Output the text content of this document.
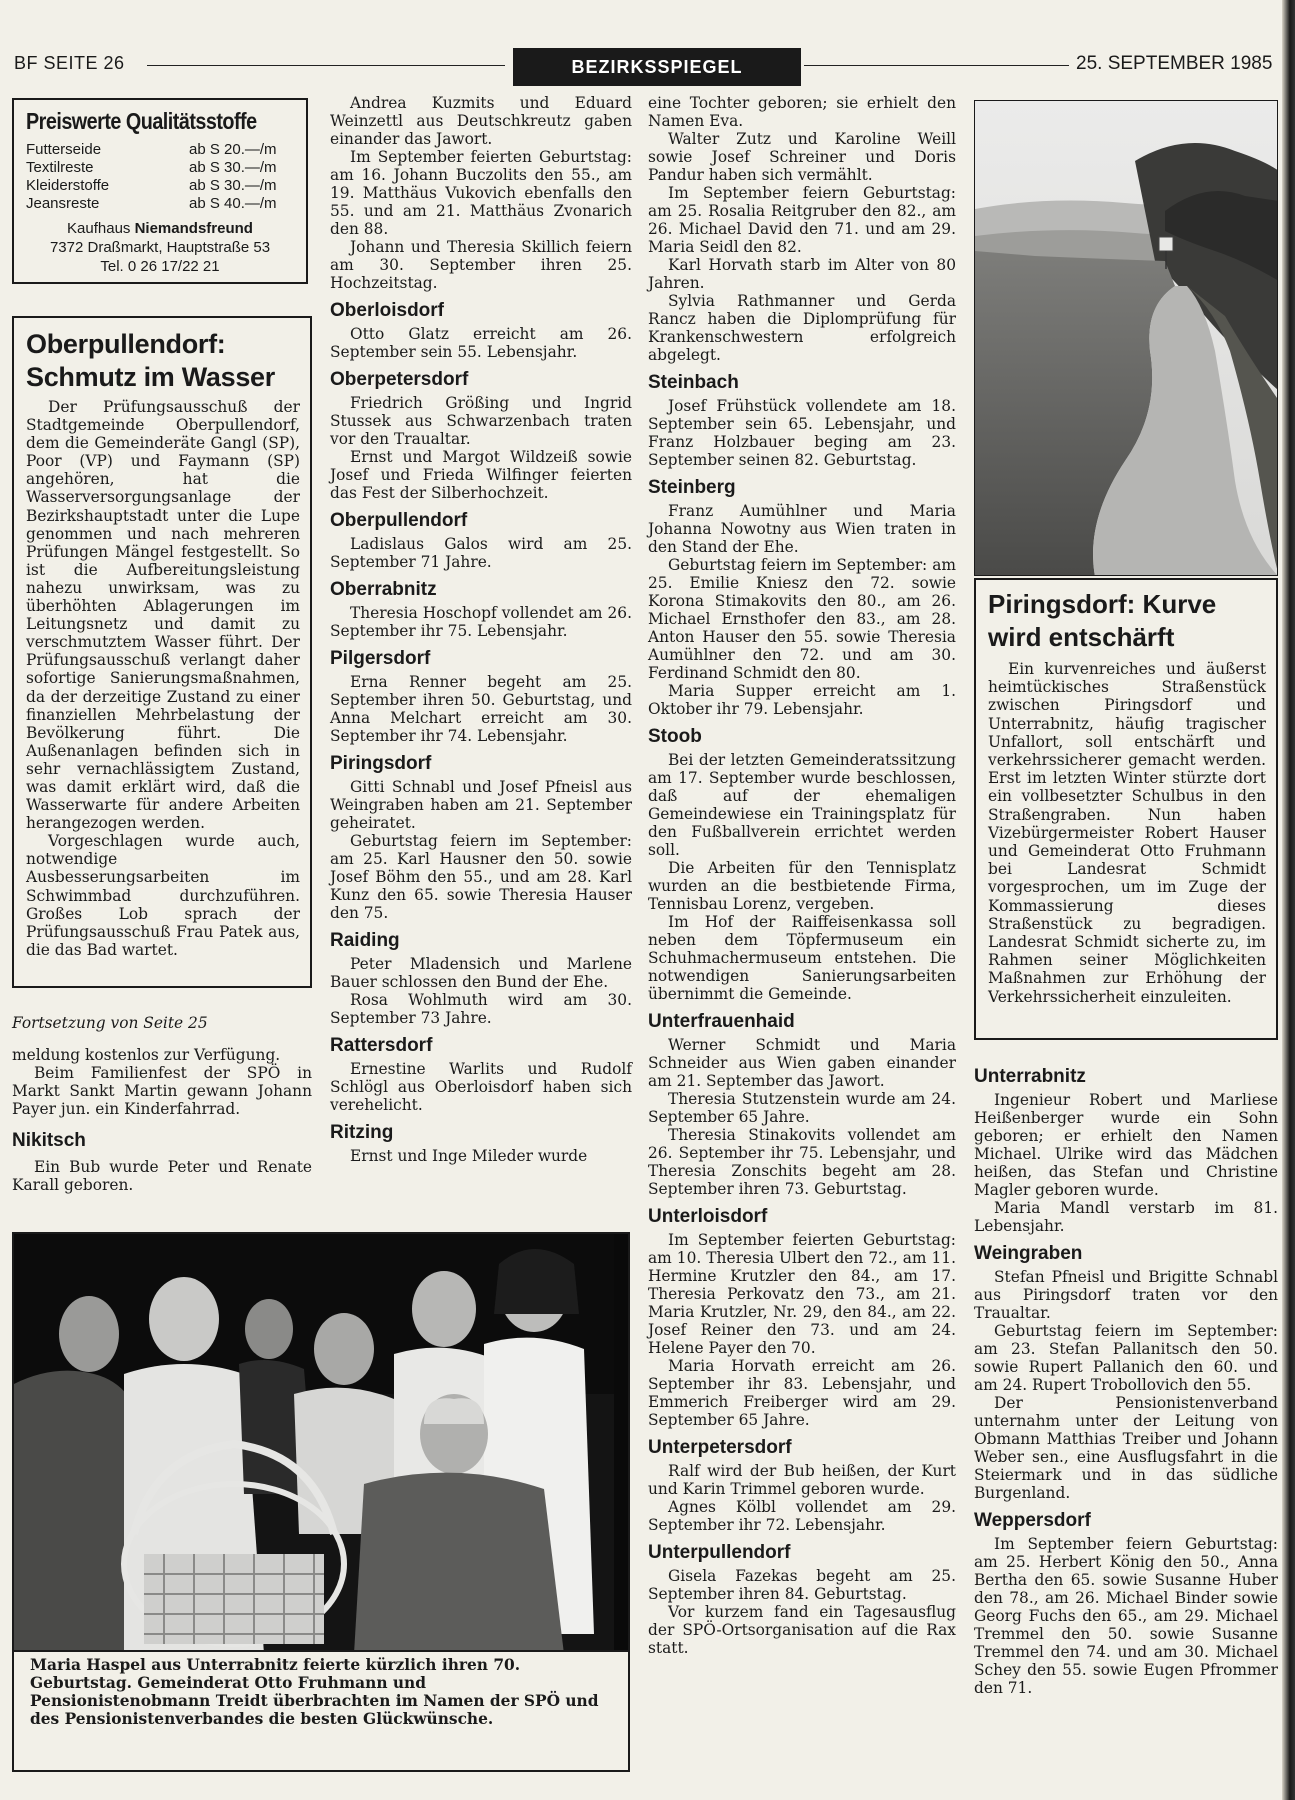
BF SEITE 26	BEZIRKSSPIEGEL	25. SEPTEMBER 1985
Preiswerte Qualitätsstoffe
Futterseide	ab S 20.—/m
Textilreste	ab S 30.—/m
Kleiderstoffe	ab S 30.—/m
Jeansreste	ab S 40.—/m
Kaufhaus Niemandsfreund
7372 Draßmarkt, Hauptstraße 53
Tel. 0 26 17/22 21
Oberpullendorf:
Schmutz im Wasser

Der Prüfungsausschuß der Stadtgemeinde Oberpullendorf, dem die Gemeinderäte Gangl (SP), Poor (VP) und Faymann (SP) angehören, hat die Wasserversorgungsanlage der Bezirkshauptstadt unter die Lupe genommen und nach mehreren Prüfungen Mängel festgestellt. So ist die Aufbereitungsleistung nahezu unwirksam, was zu überhöhten Ablagerungen im Leitungsnetz und damit zu verschmutztem Wasser führt. Der Prüfungsausschuß verlangt daher sofortige Sanierungsmaßnahmen, da der derzeitige Zustand zu einer finanziellen Mehrbelastung der Bevölkerung führt. Die Außenanlagen befinden sich in sehr vernachlässigtem Zustand, was damit erklärt wird, daß die Wasserwarte für andere Arbeiten herangezogen werden.

Vorgeschlagen wurde auch, notwendige Ausbesserungsarbeiten im Schwimmbad durchzuführen. Großes Lob sprach der Prüfungsausschuß Frau Patek aus, die das Bad wartet.

Fortsetzung von Seite 25

meldung kostenlos zur Verfügung.

Beim Familienfest der SPÖ in Markt Sankt Martin gewann Johann Payer jun. ein Kinderfahrrad.

Nikitsch

Ein Bub wurde Peter und Renate Karall geboren.

Andrea Kuzmits und Eduard Weinzettl aus Deutschkreutz gaben einander das Jawort.

Im September feierten Geburtstag: am 16. Johann Buczolits den 55., am 19. Matthäus Vukovich ebenfalls den 55. und am 21. Matthäus Zvonarich den 88.

Johann und Theresia Skillich feiern am 30. September ihren 25. Hochzeitstag.

Oberloisdorf

Otto Glatz erreicht am 26. September sein 55. Lebensjahr.

Oberpetersdorf

Friedrich Größing und Ingrid Stussek aus Schwarzenbach traten vor den Traualtar.

Ernst und Margot Wildzeiß sowie Josef und Frieda Wilfinger feierten das Fest der Silberhochzeit.

Oberpullendorf

Ladislaus Galos wird am 25. September 71 Jahre.

Oberrabnitz

Theresia Hoschopf vollendet am 26. September ihr 75. Lebensjahr.

Pilgersdorf

Erna Renner begeht am 25. September ihren 50. Geburtstag, und Anna Melchart erreicht am 30. September ihr 74. Lebensjahr.

Piringsdorf

Gitti Schnabl und Josef Pfneisl aus Weingraben haben am 21. September geheiratet.

Geburtstag feiern im September: am 25. Karl Hausner den 50. sowie Josef Böhm den 55., und am 28. Karl Kunz den 65. sowie Theresia Hauser den 75.

Raiding

Peter Mladensich und Marlene Bauer schlossen den Bund der Ehe.

Rosa Wohlmuth wird am 30. September 73 Jahre.

Rattersdorf

Ernestine Warlits und Rudolf Schlögl aus Oberloisdorf haben sich verehelicht.

Ritzing

Ernst und Inge Mileder wurde

eine Tochter geboren; sie erhielt den Namen Eva.

Walter Zutz und Karoline Weill sowie Josef Schreiner und Doris Pandur haben sich vermählt.

Im September feiern Geburtstag: am 25. Rosalia Reitgruber den 82., am 26. Michael David den 71. und am 29. Maria Seidl den 82.

Karl Horvath starb im Alter von 80 Jahren.

Sylvia Rathmanner und Gerda Rancz haben die Diplomprüfung für Krankenschwestern erfolgreich abgelegt.

Steinbach

Josef Frühstück vollendete am 18. September sein 65. Lebensjahr, und Franz Holzbauer beging am 23. September seinen 82. Geburtstag.

Steinberg

Franz Aumühlner und Maria Johanna Nowotny aus Wien traten in den Stand der Ehe.

Geburtstag feiern im September: am 25. Emilie Kniesz den 72. sowie Korona Stimakovits den 80., am 26. Michael Ernsthofer den 83., am 28. Anton Hauser den 55. sowie Theresia Aumühlner den 72. und am 30. Ferdinand Schmidt den 80.

Maria Supper erreicht am 1. Oktober ihr 79. Lebensjahr.

Stoob

Bei der letzten Gemeinderatssitzung am 17. September wurde beschlossen, daß auf der ehemaligen Gemeindewiese ein Trainingsplatz für den Fußballverein errichtet werden soll.

Die Arbeiten für den Tennisplatz wurden an die bestbietende Firma, Tennisbau Lorenz, vergeben.

Im Hof der Raiffeisenkassa soll neben dem Töpfermuseum ein Schuhmachermuseum entstehen. Die notwendigen Sanierungsarbeiten übernimmt die Gemeinde.

Unterfrauenhaid

Werner Schmidt und Maria Schneider aus Wien gaben einander am 21. September das Jawort.

Theresia Stutzenstein wurde am 24. September 65 Jahre.

Theresia Stinakovits vollendet am 26. September ihr 75. Lebensjahr, und Theresia Zonschits begeht am 28. September ihren 73. Geburtstag.

Unterloisdorf

Im September feierten Geburtstag: am 10. Theresia Ulbert den 72., am 11. Hermine Krutzler den 84., am 17. Theresia Perkovatz den 73., am 21. Maria Krutzler, Nr. 29, den 84., am 22. Josef Reiner den 73. und am 24. Helene Payer den 70.

Maria Horvath erreicht am 26. September ihr 83. Lebensjahr, und Emmerich Freiberger wird am 29. September 65 Jahre.

Unterpetersdorf

Ralf wird der Bub heißen, der Kurt und Karin Trimmel geboren wurde.

Agnes Kölbl vollendet am 29. September ihr 72. Lebensjahr.

Unterpullendorf

Gisela Fazekas begeht am 25. September ihren 84. Geburtstag.

Vor kurzem fand ein Tagesausflug der SPÖ-Ortsorganisation auf die Rax statt.

Piringsdorf: Kurve
wird entschärft

Ein kurvenreiches und äußerst heimtückisches Straßenstück zwischen Piringsdorf und Unterrabnitz, häufig tragischer Unfallort, soll entschärft und verkehrssicherer gemacht werden. Erst im letzten Winter stürzte dort ein vollbesetzter Schulbus in den Straßengraben. Nun haben Vizebürgermeister Robert Hauser und Gemeinderat Otto Fruhmann bei Landesrat Schmidt vorgesprochen, um im Zuge der Kommassierung dieses Straßenstück zu begradigen. Landesrat Schmidt sicherte zu, im Rahmen seiner Möglichkeiten Maßnahmen zur Erhöhung der Verkehrssicherheit einzuleiten.

Unterrabnitz

Ingenieur Robert und Marliese Heißenberger wurde ein Sohn geboren; er erhielt den Namen Michael. Ulrike wird das Mädchen heißen, das Stefan und Christine Magler geboren wurde.

Maria Mandl verstarb im 81. Lebensjahr.

Weingraben

Stefan Pfneisl und Brigitte Schnabl aus Piringsdorf traten vor den Traualtar.

Geburtstag feiern im September: am 23. Stefan Pallanitsch den 50. sowie Rupert Pallanich den 60. und am 24. Rupert Trobollovich den 55.

Der Pensionistenverband unternahm unter der Leitung von Obmann Matthias Treiber und Johann Weber sen., eine Ausflugsfahrt in die Steiermark und in das südliche Burgenland.

Weppersdorf

Im September feiern Geburtstag: am 25. Herbert König den 50., Anna Bertha den 65. sowie Susanne Huber den 78., am 26. Michael Binder sowie Georg Fuchs den 65., am 29. Michael Tremmel den 50. sowie Susanne Tremmel den 74. und am 30. Michael Schey den 55. sowie Eugen Pfrommer den 71.

Maria Haspel aus Unterrabnitz feierte kürzlich ihren 70. Geburtstag. Gemeinderat Otto Fruhmann und Pensionistenobmann Treidt überbrachten im Namen der SPÖ und des Pensionistenverbandes die besten Glückwünsche.
